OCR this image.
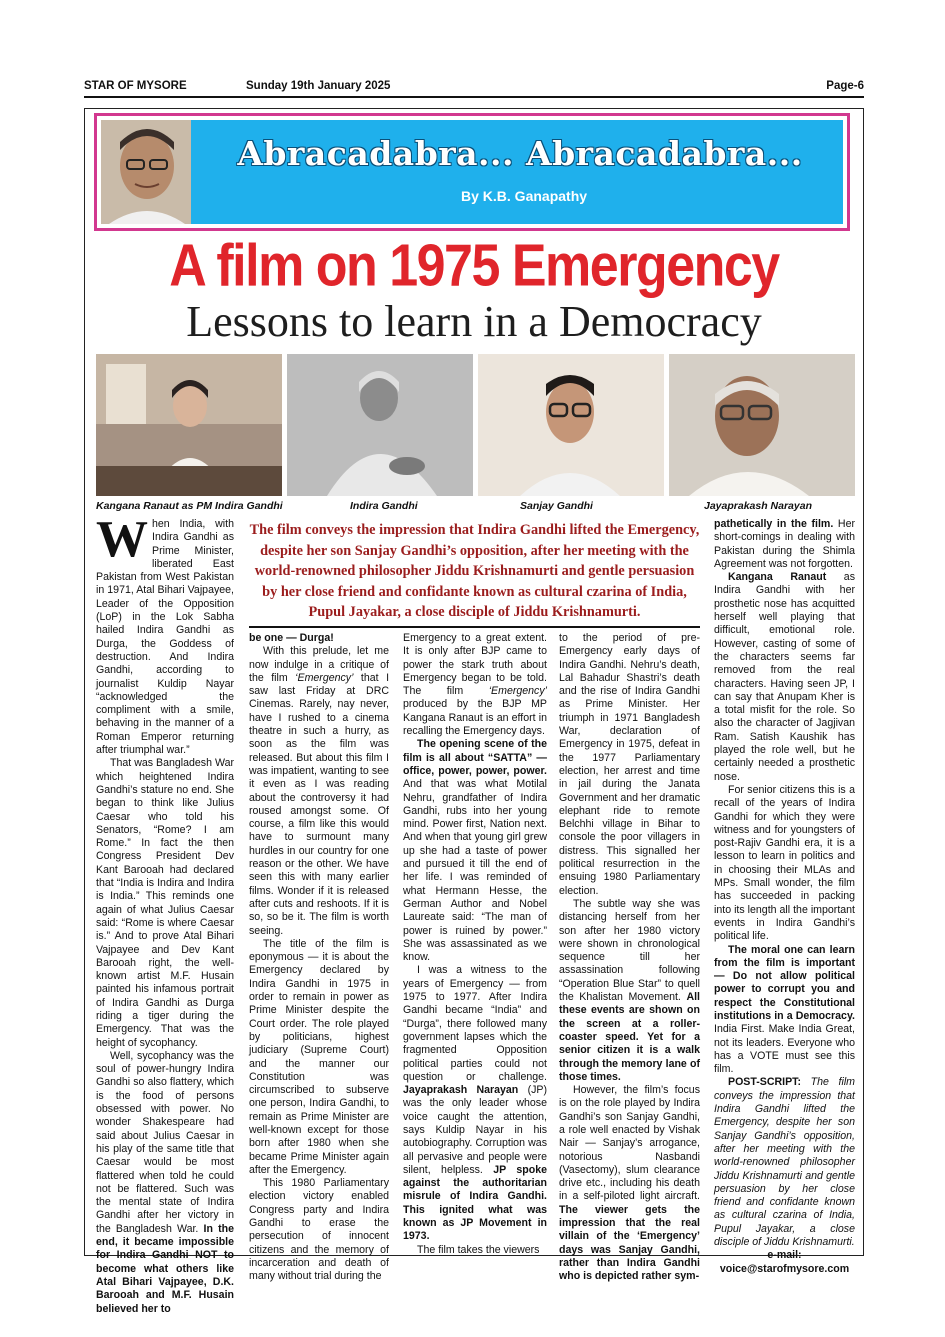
STAR OF MYSORE	Sunday 19th January 2025	Page-6
Abracadabra... Abracadabra...
By K.B. Ganapathy
A film on 1975 Emergency
Lessons to learn in a Democracy
Kangana Ranaut as PM Indira Gandhi	Indira Gandhi	Sanjay Gandhi	Jayaprakash Narayan
The film conveys the impression that Indira Gandhi lifted the Emergency, despite her son Sanjay Gandhi’s opposition, after her meeting with the world-renowned philosopher Jiddu Krishnamurti and gentle persuasion by her close friend and confidante known as cultural czarina of India, Pupul Jayakar, a close disciple of Jiddu Krishnamurti.

When India, with Indira Gandhi as Prime Minister, liberated East Pakistan from West Pakistan in 1971, Atal Bihari Vajpayee, Leader of the Opposition (LoP) in the Lok Sabha hailed Indira Gandhi as Durga, the Goddess of destruction. And Indira Gandhi, according to journalist Kuldip Nayar “acknowledged the compliment with a smile, behaving in the manner of a Roman Emperor returning after triumphal war.”

That was Bangladesh War which heightened Indira Gandhi’s stature no end. She began to think like Julius Caesar who told his Senators, “Rome? I am Rome.” In fact the then Congress President Dev Kant Barooah had declared that “India is Indira and Indira is India.” This reminds one again of what Julius Caesar said: “Rome is where Caesar is.” And to prove Atal Bihari Vajpayee and Dev Kant Barooah right, the well-known artist M.F. Husain painted his infamous portrait of Indira Gandhi as Durga riding a tiger during the Emergency. That was the height of sycophancy.

Well, sycophancy was the soul of power-hungry Indira Gandhi so also flattery, which is the food of persons obsessed with power. No wonder Shakespeare had said about Julius Caesar in his play of the same title that Caesar would be most flattered when told he could not be flattered. Such was the mental state of Indira Gandhi after her victory in the Bangladesh War. In the end, it became impossible for Indira Gandhi NOT to become what others like Atal Bihari Vajpayee, D.K. Barooah and M.F. Husain believed her to

be one — Durga!

With this prelude, let me now indulge in a critique of the film ‘Emergency’ that I saw last Friday at DRC Cinemas. Rarely, nay never, have I rushed to a cinema theatre in such a hurry, as soon as the film was released. But about this film I was impatient, wanting to see it even as I was reading about the controversy it had roused amongst some. Of course, a film like this would have to surmount many hurdles in our country for one reason or the other. We have seen this with many earlier films. Wonder if it is released after cuts and reshoots. If it is so, so be it. The film is worth seeing.

The title of the film is eponymous — it is about the Emergency declared by Indira Gandhi in 1975 in order to remain in power as Prime Minister despite the Court order. The role played by politicians, highest judiciary (Supreme Court) and the manner our Constitution was circumscribed to subserve one person, Indira Gandhi, to remain as Prime Minister are well-known except for those born after 1980 when she became Prime Minister again after the Emergency.

This 1980 Parliamentary election victory enabled Congress party and Indira Gandhi to erase the persecution of innocent citizens and the memory of incarceration and death of many without trial during the

Emergency to a great extent. It is only after BJP came to power the stark truth about Emergency began to be told. The film ‘Emergency’ produced by the BJP MP Kangana Ranaut is an effort in recalling the Emergency days.

The opening scene of the film is all about “SATTA” — office, power, power, power. And that was what Motilal Nehru, grandfather of Indira Gandhi, rubs into her young mind. Power first, Nation next. And when that young girl grew up she had a taste of power and pursued it till the end of her life. I was reminded of what Hermann Hesse, the German Author and Nobel Laureate said: “The man of power is ruined by power.” She was assassinated as we know.

I was a witness to the years of Emergency — from 1975 to 1977. After Indira Gandhi became “India” and “Durga”, there followed many government lapses which the fragmented Opposition political parties could not question or challenge. Jayaprakash Narayan (JP) was the only leader whose voice caught the attention, says Kuldip Nayar in his autobiography. Corruption was all pervasive and people were silent, helpless. JP spoke against the authoritarian misrule of Indira Gandhi. This ignited what was known as JP Movement in 1973.

The film takes the viewers

to the period of pre-Emergency early days of Indira Gandhi. Nehru’s death, Lal Bahadur Shastri’s death and the rise of Indira Gandhi as Prime Minister. Her triumph in 1971 Bangladesh War, declaration of Emergency in 1975, defeat in the 1977 Parliamentary election, her arrest and time in jail during the Janata Government and her dramatic elephant ride to remote Belchhi village in Bihar to console the poor villagers in distress. This signalled her political resurrection in the ensuing 1980 Parliamentary election.

The subtle way she was distancing herself from her son after her 1980 victory were shown in chronological sequence till her assassination following “Operation Blue Star” to quell the Khalistan Movement. All these events are shown on the screen at a roller-coaster speed. Yet for a senior citizen it is a walk through the memory lane of those times.

However, the film’s focus is on the role played by Indira Gandhi’s son Sanjay Gandhi, a role well enacted by Vishak Nair — Sanjay’s arrogance, notorious Nasbandi (Vasectomy), slum clearance drive etc., including his death in a self-piloted light aircraft. The viewer gets the impression that the real villain of the ‘Emergency’ days was Sanjay Gandhi, rather than Indira Gandhi who is depicted rather sym-

pathetically in the film. Her short-comings in dealing with Pakistan during the Shimla Agreement was not forgotten.

Kangana Ranaut as Indira Gandhi with her prosthetic nose has acquitted herself well playing that difficult, emotional role. However, casting of some of the characters seems far removed from the real characters. Having seen JP, I can say that Anupam Kher is a total misfit for the role. So also the character of Jagjivan Ram. Satish Kaushik has played the role well, but he certainly needed a prosthetic nose.

For senior citizens this is a recall of the years of Indira Gandhi for which they were witness and for youngsters of post-Rajiv Gandhi era, it is a lesson to learn in politics and in choosing their MLAs and MPs. Small wonder, the film has succeeded in packing into its length all the important events in Indira Gandhi’s political life.

The moral one can learn from the film is important — Do not allow political power to corrupt you and respect the Constitutional institutions in a Democracy. India First. Make India Great, not its leaders. Everyone who has a VOTE must see this film.

POST-SCRIPT: The film conveys the impression that Indira Gandhi lifted the Emergency, despite her son Sanjay Gandhi’s opposition, after her meeting with the world-renowned philosopher Jiddu Krishnamurti and gentle persuasion by her close friend and confidante known as cultural czarina of India, Pupul Jayakar, a close disciple of Jiddu Krishnamurti.

e-mail:

voice@starofmysore.com
